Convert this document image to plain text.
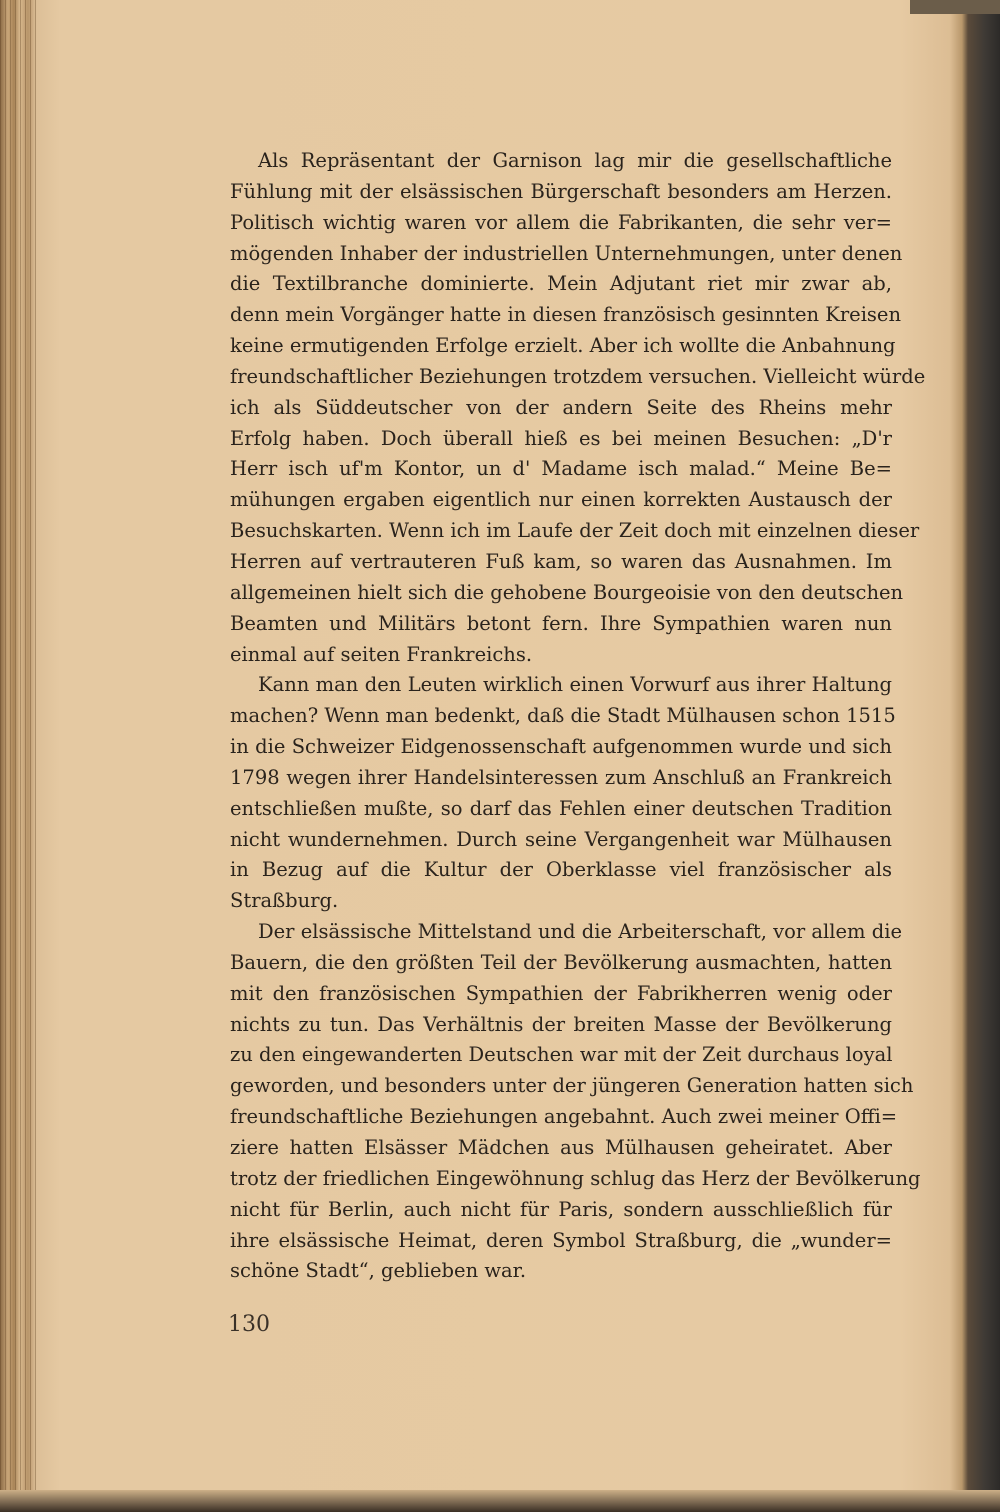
Als Repräsentant der Garnison lag mir die gesellschaftliche
Fühlung mit der elsässischen Bürgerschaft besonders am Herzen.
Politisch wichtig waren vor allem die Fabrikanten, die sehr ver=
mögenden Inhaber der industriellen Unternehmungen, unter denen
die Textilbranche dominierte. Mein Adjutant riet mir zwar ab,
denn mein Vorgänger hatte in diesen französisch gesinnten Kreisen
keine ermutigenden Erfolge erzielt. Aber ich wollte die Anbahnung
freundschaftlicher Beziehungen trotzdem versuchen. Vielleicht würde
ich als Süddeutscher von der andern Seite des Rheins mehr
Erfolg haben. Doch überall hieß es bei meinen Besuchen: „D'r
Herr isch uf'm Kontor, un d' Madame isch malad.“ Meine Be=
mühungen ergaben eigentlich nur einen korrekten Austausch der
Besuchskarten. Wenn ich im Laufe der Zeit doch mit einzelnen dieser
Herren auf vertrauteren Fuß kam, so waren das Ausnahmen. Im
allgemeinen hielt sich die gehobene Bourgeoisie von den deutschen
Beamten und Militärs betont fern. Ihre Sympathien waren nun
einmal auf seiten Frankreichs.
Kann man den Leuten wirklich einen Vorwurf aus ihrer Haltung
machen? Wenn man bedenkt, daß die Stadt Mülhausen schon 1515
in die Schweizer Eidgenossenschaft aufgenommen wurde und sich
1798 wegen ihrer Handelsinteressen zum Anschluß an Frankreich
entschließen mußte, so darf das Fehlen einer deutschen Tradition
nicht wundernehmen. Durch seine Vergangenheit war Mülhausen
in Bezug auf die Kultur der Oberklasse viel französischer als
Straßburg.
Der elsässische Mittelstand und die Arbeiterschaft, vor allem die
Bauern, die den größten Teil der Bevölkerung ausmachten, hatten
mit den französischen Sympathien der Fabrikherren wenig oder
nichts zu tun. Das Verhältnis der breiten Masse der Bevölkerung
zu den eingewanderten Deutschen war mit der Zeit durchaus loyal
geworden, und besonders unter der jüngeren Generation hatten sich
freundschaftliche Beziehungen angebahnt. Auch zwei meiner Offi=
ziere hatten Elsässer Mädchen aus Mülhausen geheiratet. Aber
trotz der friedlichen Eingewöhnung schlug das Herz der Bevölkerung
nicht für Berlin, auch nicht für Paris, sondern ausschließlich für
ihre elsässische Heimat, deren Symbol Straßburg, die „wunder=
schöne Stadt“, geblieben war.
130
